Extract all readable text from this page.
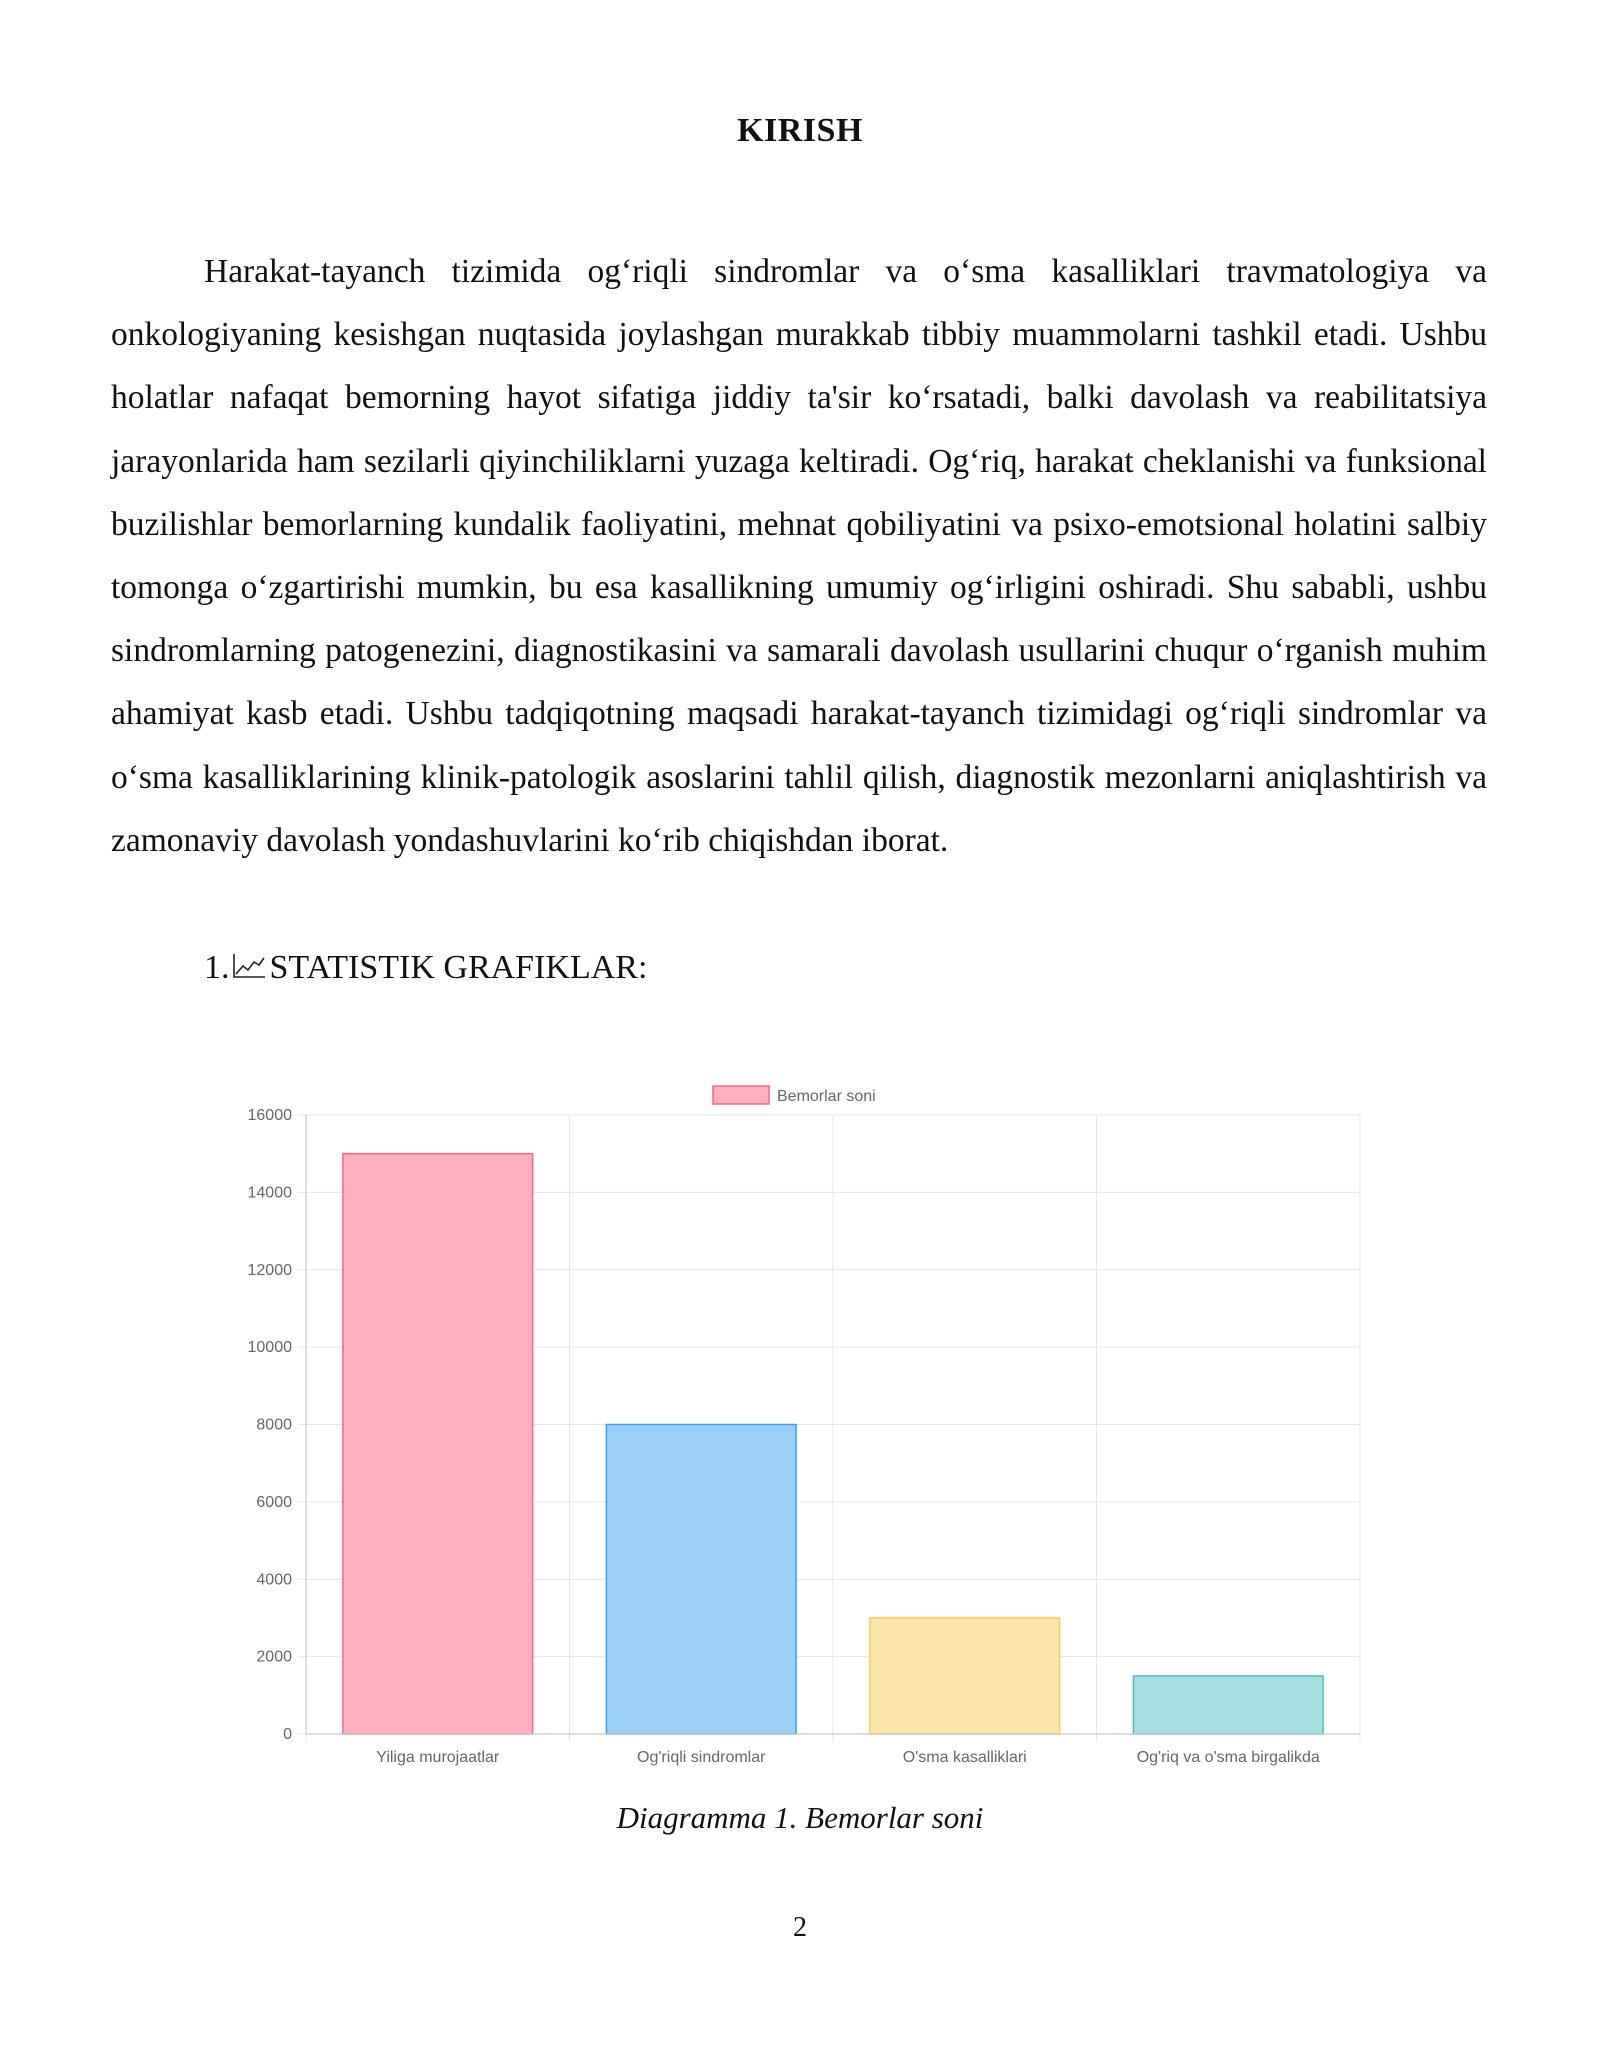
KIRISH

Harakat-tayanch tizimida og‘riqli sindromlar va o‘sma kasalliklari travmatologiya va onkologiyaning kesishgan nuqtasida joylashgan murakkab tibbiy muammolarni tashkil etadi. Ushbu holatlar nafaqat bemorning hayot sifatiga jiddiy ta'sir ko‘rsatadi, balki davolash va reabilitatsiya jarayonlarida ham sezilarli qiyinchiliklarni yuzaga keltiradi. Og‘riq, harakat cheklanishi va funksional buzilishlar bemorlarning kundalik faoliyatini, mehnat qobiliyatini va psixo-emotsional holatini salbiy tomonga o‘zgartirishi mumkin, bu esa kasallikning umumiy og‘irligini oshiradi. Shu sababli, ushbu sindromlarning patogenezini, diagnostikasini va samarali davolash usullarini chuqur o‘rganish muhim ahamiyat kasb etadi. Ushbu tadqiqotning maqsadi harakat-tayanch tizimidagi og‘riqli sindromlar va o‘sma kasalliklarining klinik-patologik asoslarini tahlil qilish, diagnostik mezonlarni aniqlashtirish va zamonaviy davolash yondashuvlarini ko‘rib chiqishdan iborat.

1. STATISTIK GRAFIKLAR:
0
2000
4000
6000
8000
10000
12000
14000
16000
Yiliga murojaatlar	Og'riqli sindromlar	O'sma kasalliklari	Og'riq va o'sma birgalikda
Bemorlar soni
Diagramma 1. Bemorlar soni
2
